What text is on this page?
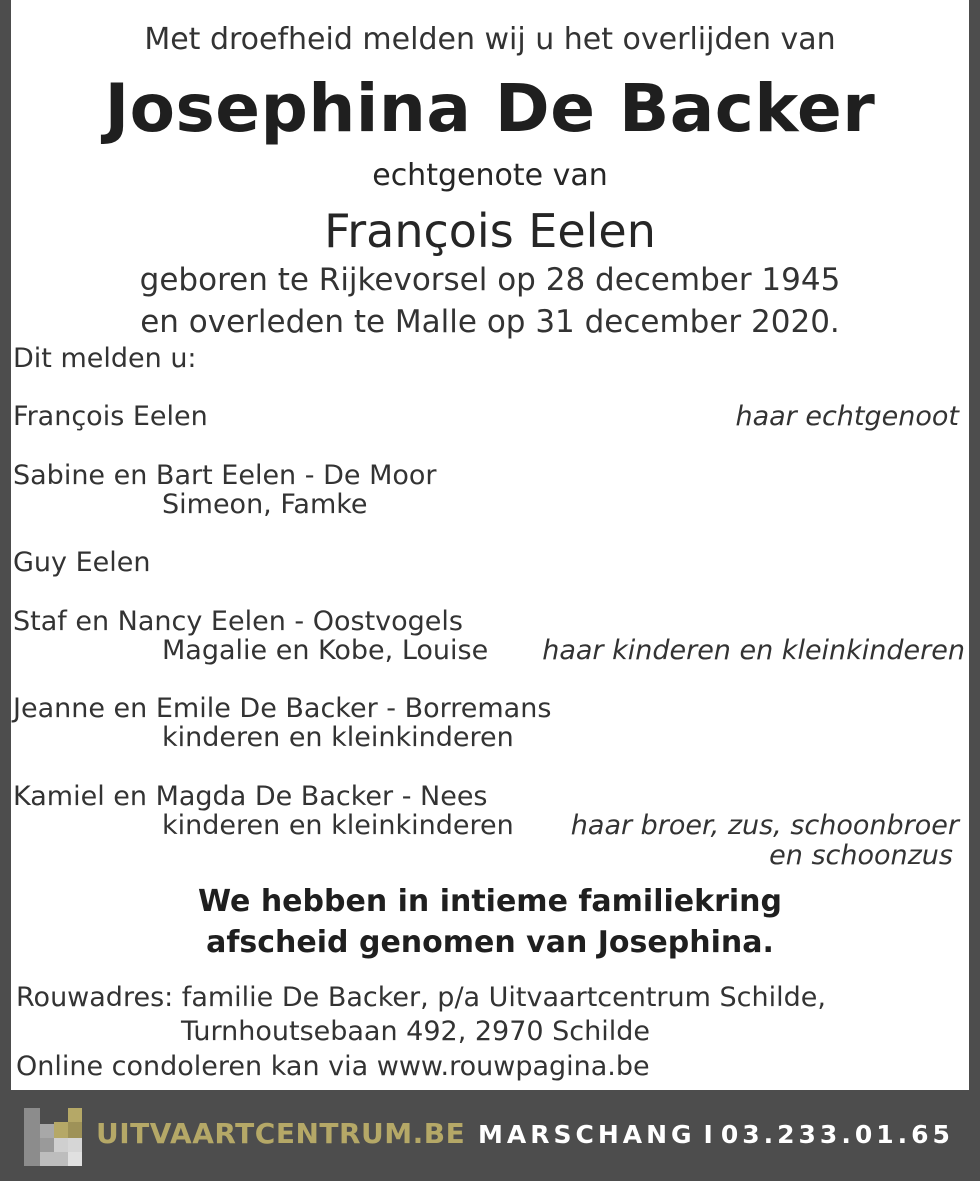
Met droefheid melden wij u het overlijden van
Josephina De Backer
echtgenote van
François Eelen
geboren te Rijkevorsel op 28 december 1945
en overleden te Malle op 31 december 2020.
Dit melden u:
François Eelen	haar echtgenoot
Sabine en Bart Eelen - De Moor
Simeon, Famke
Guy Eelen
Staf en Nancy Eelen - Oostvogels
Magalie en Kobe, Louise haar kinderen en kleinkinderen
Jeanne en Emile De Backer - Borremans
kinderen en kleinkinderen
Kamiel en Magda De Backer - Nees
kinderen en kleinkinderen haar broer, zus, schoonbroer
en schoonzus
We hebben in intieme familiekring
afscheid genomen van Josephina.
Rouwadres: familie De Backer, p/a Uitvaartcentrum Schilde,
Turnhoutsebaan 492, 2970 Schilde
Online condoleren kan via www.rouwpagina.be
UITVAARTCENTRUM.BE MARSCHANG I 03.233.01.65
